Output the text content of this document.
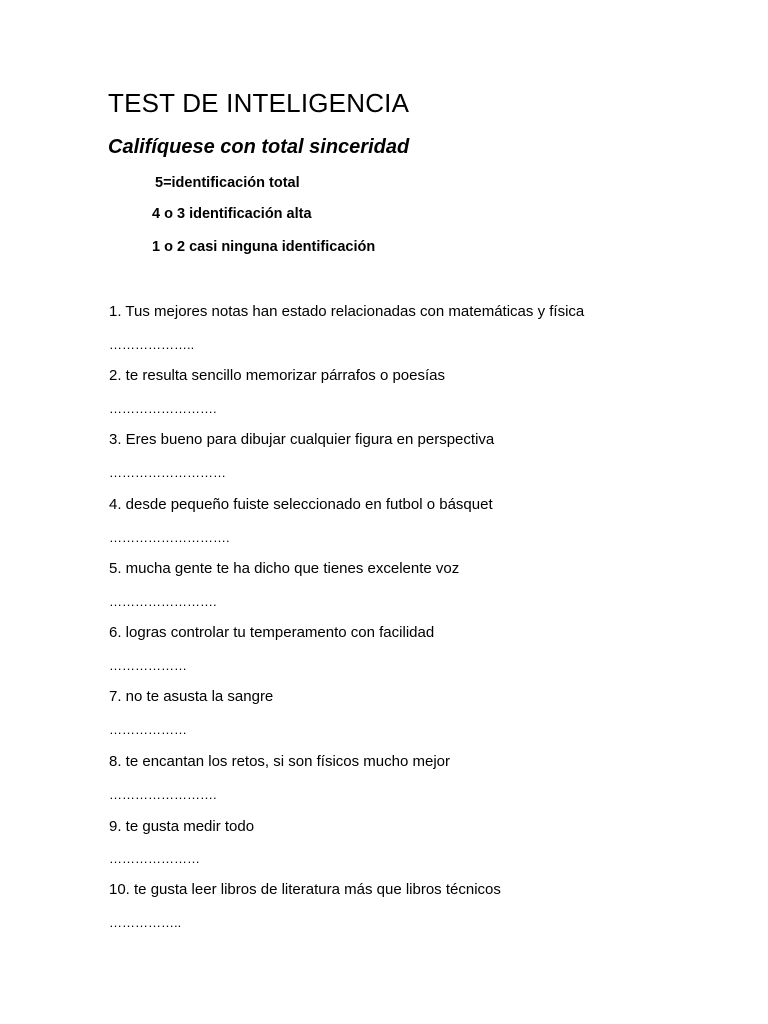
TEST DE INTELIGENCIA
Califíquese con total sinceridad
5=identificación total
4 o 3 identificación alta
1 o 2 casi ninguna identificación
1. Tus mejores notas han estado relacionadas con matemáticas y física
………………..
2. te resulta sencillo memorizar párrafos o poesías
…………………….
3. Eres bueno para dibujar cualquier figura en perspectiva
………………………
4. desde pequeño fuiste seleccionado en futbol o básquet
……………………….
5. mucha gente te ha dicho que tienes excelente voz
…………………….
6. logras controlar tu temperamento con facilidad
………………
7. no te asusta la sangre
………………
8. te encantan los retos, si son físicos mucho mejor
…………………….
9. te gusta medir todo
…………………
10. te gusta leer libros de literatura más que libros técnicos
……………..
